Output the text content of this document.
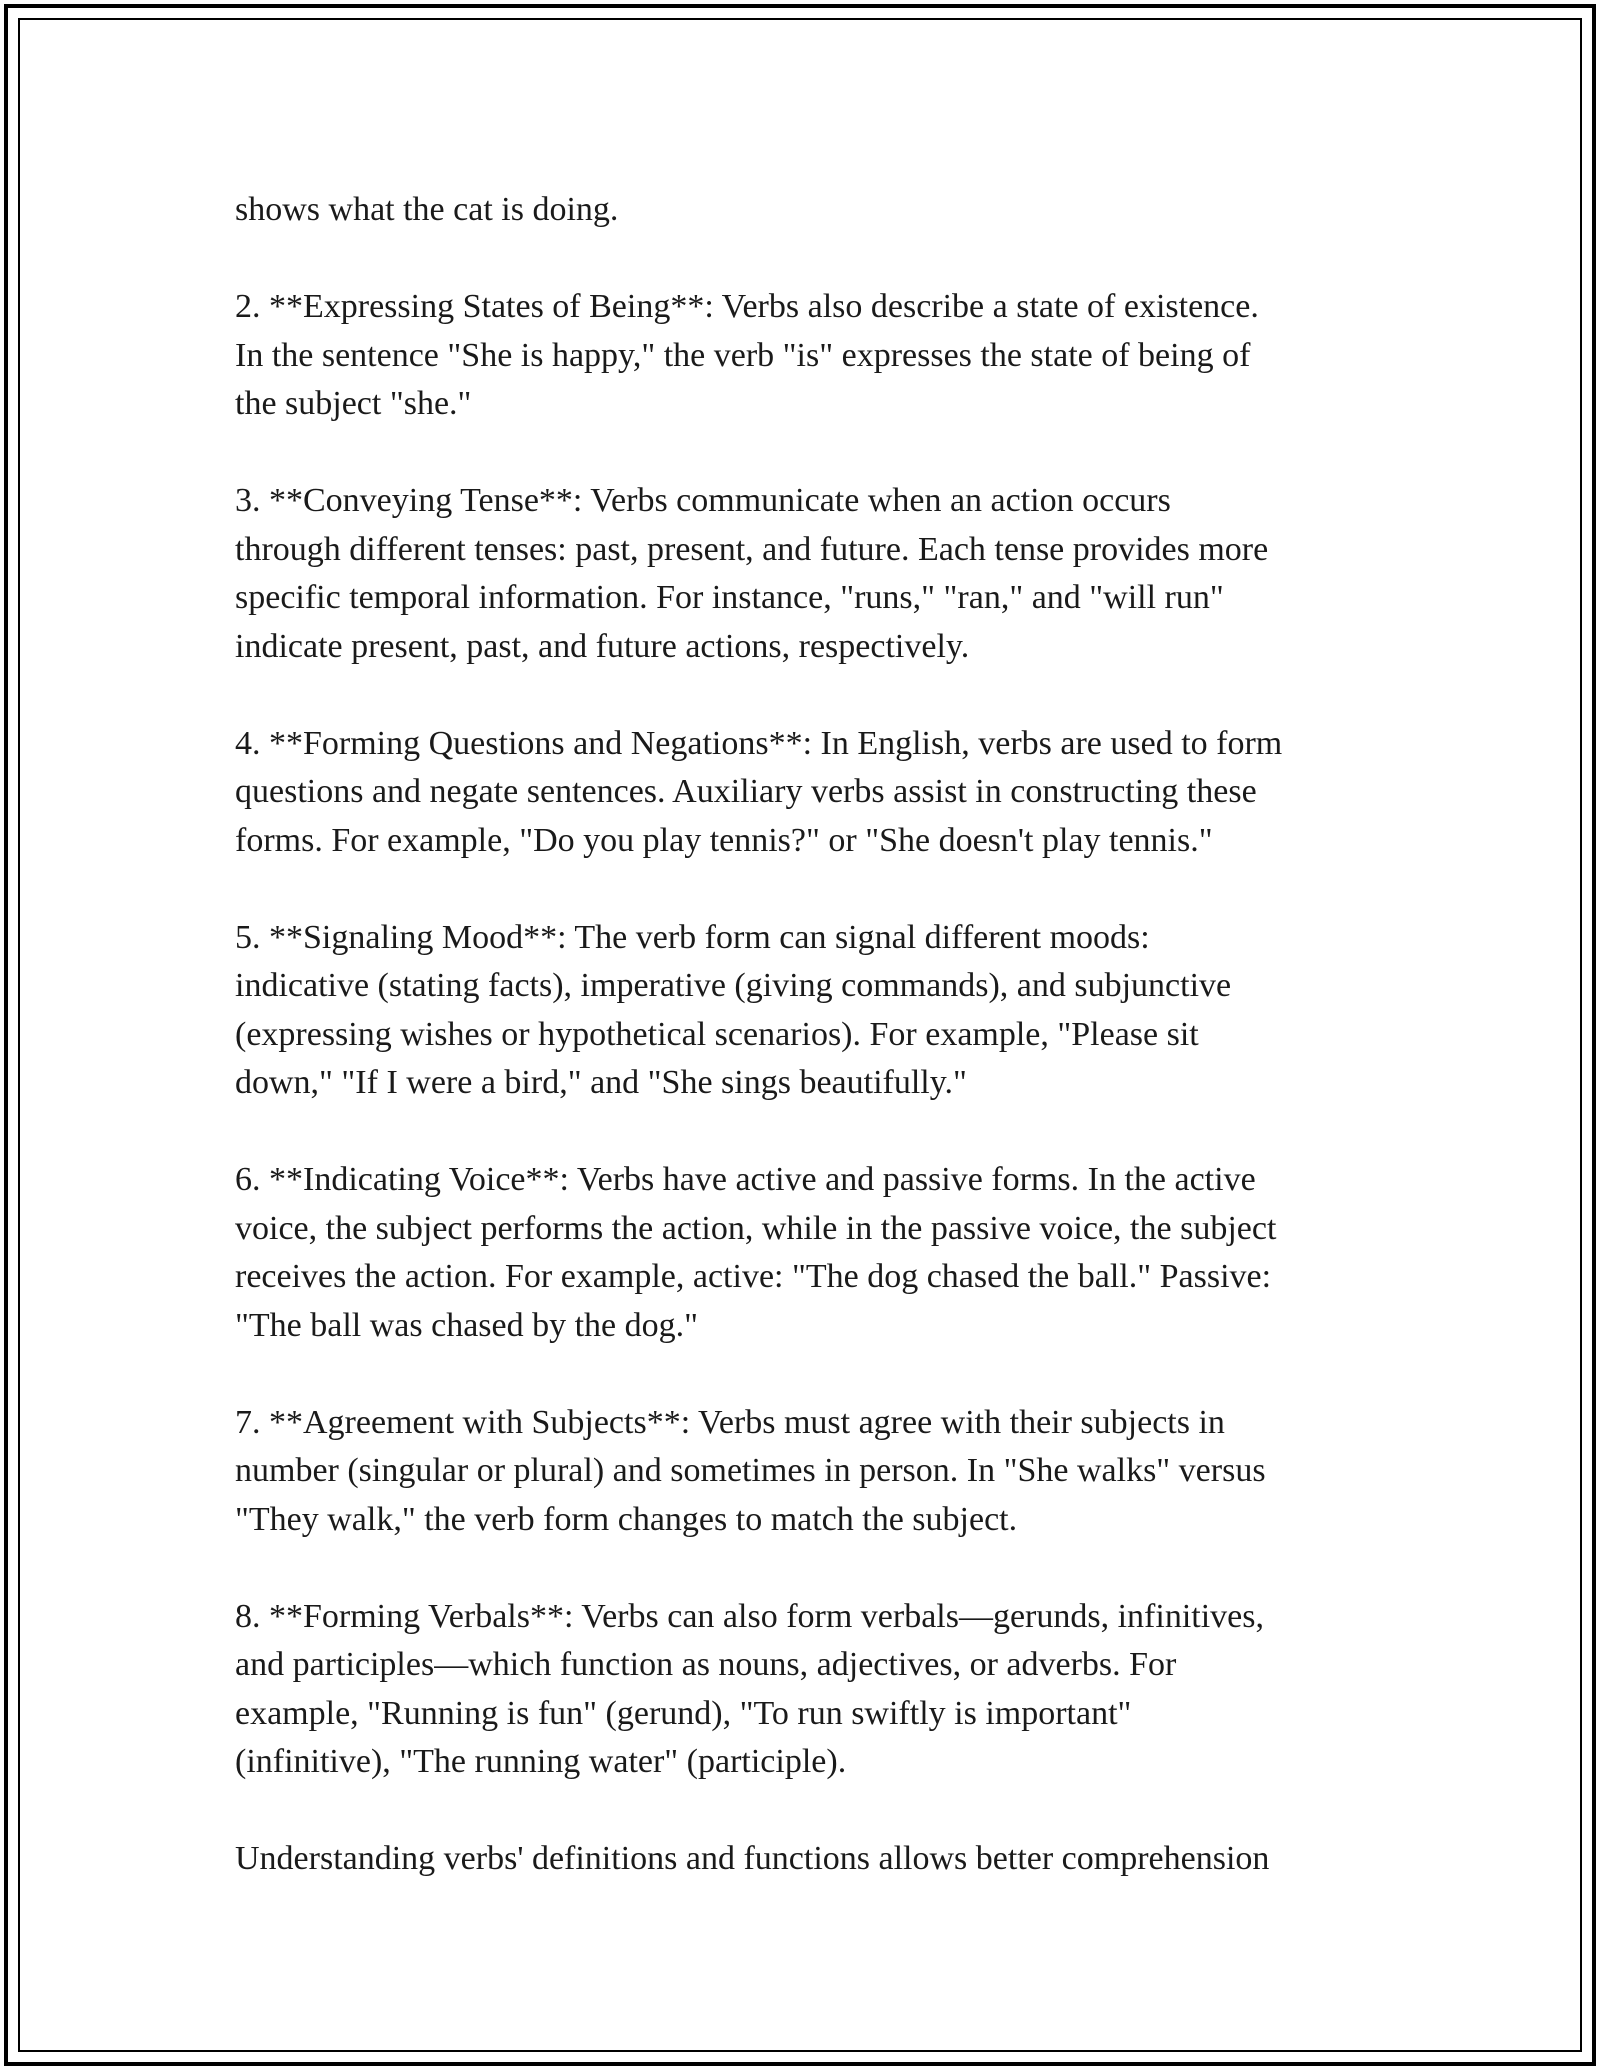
shows what the cat is doing.

2. **Expressing States of Being**: Verbs also describe a state of existence.
In the sentence "She is happy," the verb "is" expresses the state of being of
the subject "she."

3. **Conveying Tense**: Verbs communicate when an action occurs
through different tenses: past, present, and future. Each tense provides more
specific temporal information. For instance, "runs," "ran," and "will run"
indicate present, past, and future actions, respectively.

4. **Forming Questions and Negations**: In English, verbs are used to form
questions and negate sentences. Auxiliary verbs assist in constructing these
forms. For example, "Do you play tennis?" or "She doesn't play tennis."

5. **Signaling Mood**: The verb form can signal different moods:
indicative (stating facts), imperative (giving commands), and subjunctive
(expressing wishes or hypothetical scenarios). For example, "Please sit
down," "If I were a bird," and "She sings beautifully."

6. **Indicating Voice**: Verbs have active and passive forms. In the active
voice, the subject performs the action, while in the passive voice, the subject
receives the action. For example, active: "The dog chased the ball." Passive:
"The ball was chased by the dog."

7. **Agreement with Subjects**: Verbs must agree with their subjects in
number (singular or plural) and sometimes in person. In "She walks" versus
"They walk," the verb form changes to match the subject.

8. **Forming Verbals**: Verbs can also form verbals—gerunds, infinitives,
and participles—which function as nouns, adjectives, or adverbs. For
example, "Running is fun" (gerund), "To run swiftly is important"
(infinitive), "The running water" (participle).

Understanding verbs' definitions and functions allows better comprehension
